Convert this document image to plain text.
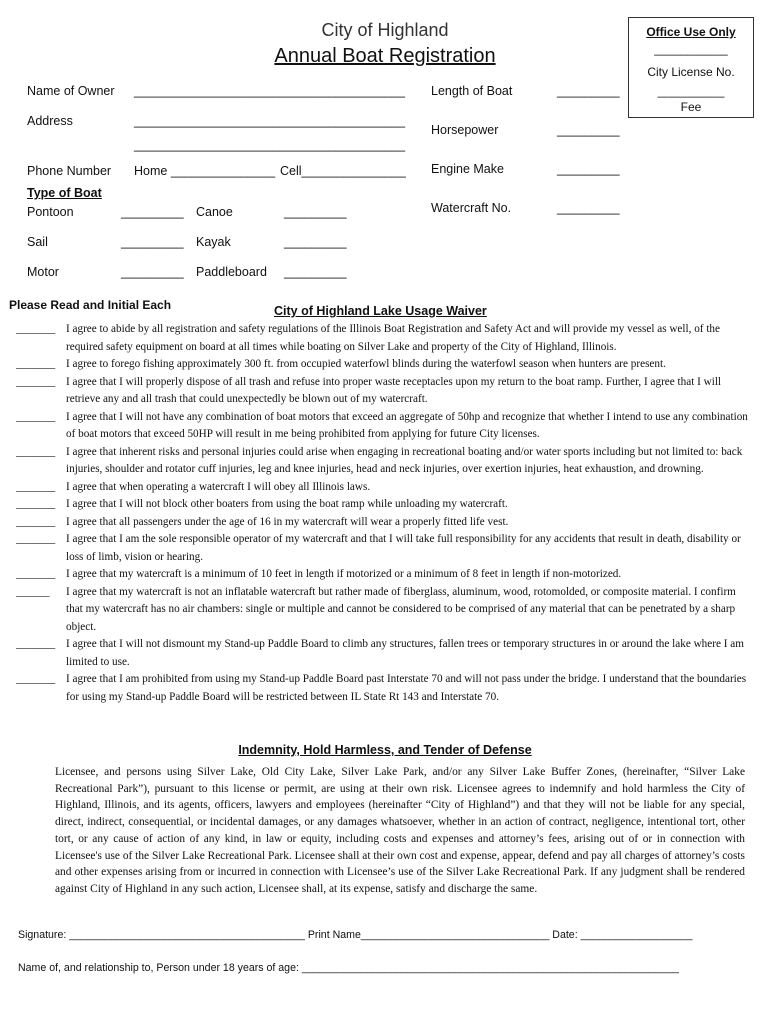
City of Highland
Annual Boat Registration
Office Use Only
___________
City License No.
__________
Fee
Name of Owner _______________________________________
Address	_______________________________________
_______________________________________
Phone Number Home _______________ Cell_______________
Length of Boat	_________
Horsepower	_________
Engine Make	_________
Watercraft No.	_________
Type of Boat
Pontoon	_________ Canoe	_________
Sail	_________ Kayak	_________
Motor	_________ Paddleboard _________
Please Read and Initial Each	City of Highland Lake Usage Waiver
_______ I agree to abide by all registration and safety regulations of the Illinois Boat Registration and Safety Act and will provide my vessel as well, of the required safety equipment on board at all times while boating on Silver Lake and property of the City of Highland, Illinois.
_______ I agree to forego fishing approximately 300 ft. from occupied waterfowl blinds during the waterfowl season when hunters are present.
_______ I agree that I will properly dispose of all trash and refuse into proper waste receptacles upon my return to the boat ramp. Further, I agree that I will retrieve any and all trash that could unexpectedly be blown out of my watercraft.
_______ I agree that I will not have any combination of boat motors that exceed an aggregate of 50hp and recognize that whether I intend to use any combination of boat motors that exceed 50HP will result in me being prohibited from applying for future City licenses.
_______ I agree that inherent risks and personal injuries could arise when engaging in recreational boating and/or water sports including but not limited to: back injuries, shoulder and rotator cuff injuries, leg and knee injuries, head and neck injuries, over exertion injuries, heat exhaustion, and drowning.
_______ I agree that when operating a watercraft I will obey all Illinois laws.
_______ I agree that I will not block other boaters from using the boat ramp while unloading my watercraft.
_______ I agree that all passengers under the age of 16 in my watercraft will wear a properly fitted life vest.
_______ I agree that I am the sole responsible operator of my watercraft and that I will take full responsibility for any accidents that result in death, disability or loss of limb, vision or hearing.
_______ I agree that my watercraft is a minimum of 10 feet in length if motorized or a minimum of 8 feet in length if non-motorized.
______ I agree that my watercraft is not an inflatable watercraft but rather made of fiberglass, aluminum, wood, rotomolded, or composite material. I confirm that my watercraft has no air chambers: single or multiple and cannot be considered to be comprised of any material that can be penetrated by a sharp object.
_______ I agree that I will not dismount my Stand-up Paddle Board to climb any structures, fallen trees or temporary structures in or around the lake where I am limited to use.
_______ I agree that I am prohibited from using my Stand-up Paddle Board past Interstate 70 and will not pass under the bridge. I understand that the boundaries for using my Stand-up Paddle Board will be restricted between IL State Rt 143 and Interstate 70.
Indemnity, Hold Harmless, and Tender of Defense
Licensee, and persons using Silver Lake, Old City Lake, Silver Lake Park, and/or any Silver Lake Buffer Zones, (hereinafter, “Silver Lake Recreational Park”), pursuant to this license or permit, are using at their own risk. Licensee agrees to indemnify and hold harmless the City of Highland, Illinois, and its agents, officers, lawyers and employees (hereinafter “City of Highland”) and that they will not be liable for any special, direct, indirect, consequential, or incidental damages, or any damages whatsoever, whether in an action of contract, negligence, intentional tort, other tort, or any cause of action of any kind, in law or equity, including costs and expenses and attorney’s fees, arising out of or in connection with Licensee's use of the Silver Lake Recreational Park. Licensee shall at their own cost and expense, appear, defend and pay all charges of attorney’s costs and other expenses arising from or incurred in connection with Licensee’s use of the Silver Lake Recreational Park. If any judgment shall be rendered against City of Highland in any such action, Licensee shall, at its expense, satisfy and discharge the same.
Signature: ________________________________________ Print Name________________________________ Date: ___________________
Name of, and relationship to, Person under 18 years of age: ________________________________________________________________
